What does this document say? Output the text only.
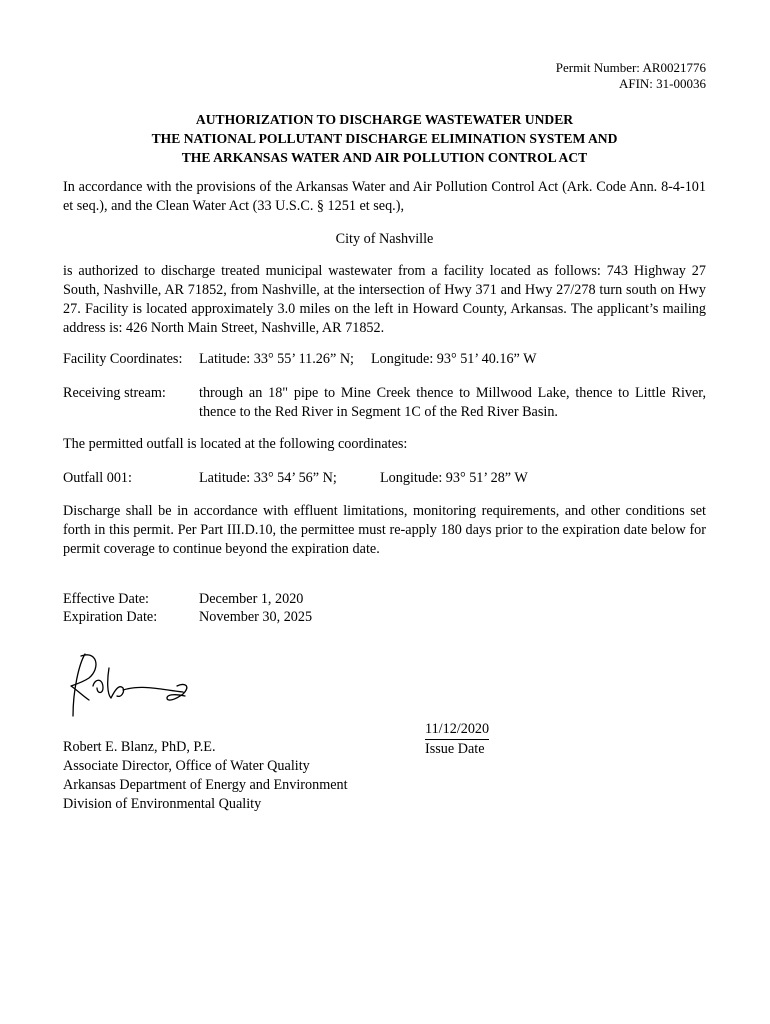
Permit Number: AR0021776
AFIN: 31-00036
AUTHORIZATION TO DISCHARGE WASTEWATER UNDER
THE NATIONAL POLLUTANT DISCHARGE ELIMINATION SYSTEM AND
THE ARKANSAS WATER AND AIR POLLUTION CONTROL ACT
In accordance with the provisions of the Arkansas Water and Air Pollution Control Act (Ark. Code Ann. 8-4-101 et seq.), and the Clean Water Act (33 U.S.C. § 1251 et seq.),
City of Nashville
is authorized to discharge treated municipal wastewater from a facility located as follows: 743 Highway 27 South, Nashville, AR 71852, from Nashville, at the intersection of Hwy 371 and Hwy 27/278 turn south on Hwy 27. Facility is located approximately 3.0 miles on the left in Howard County, Arkansas. The applicant’s mailing address is: 426 North Main Street, Nashville, AR 71852.
Facility Coordinates: Latitude: 33° 55’ 11.26” N; Longitude: 93° 51’ 40.16” W
Receiving stream: through an 18" pipe to Mine Creek thence to Millwood Lake, thence to Little River, thence to the Red River in Segment 1C of the Red River Basin.
The permitted outfall is located at the following coordinates:
Outfall 001:	Latitude: 33° 54’ 56” N;	Longitude: 93° 51’ 28” W
Discharge shall be in accordance with effluent limitations, monitoring requirements, and other conditions set forth in this permit. Per Part III.D.10, the permittee must re-apply 180 days prior to the expiration date below for permit coverage to continue beyond the expiration date.
Effective Date:	December 1, 2020
Expiration Date:	November 30, 2025
11/12/2020
Issue Date
Robert E. Blanz, PhD, P.E.
Associate Director, Office of Water Quality
Arkansas Department of Energy and Environment
Division of Environmental Quality
